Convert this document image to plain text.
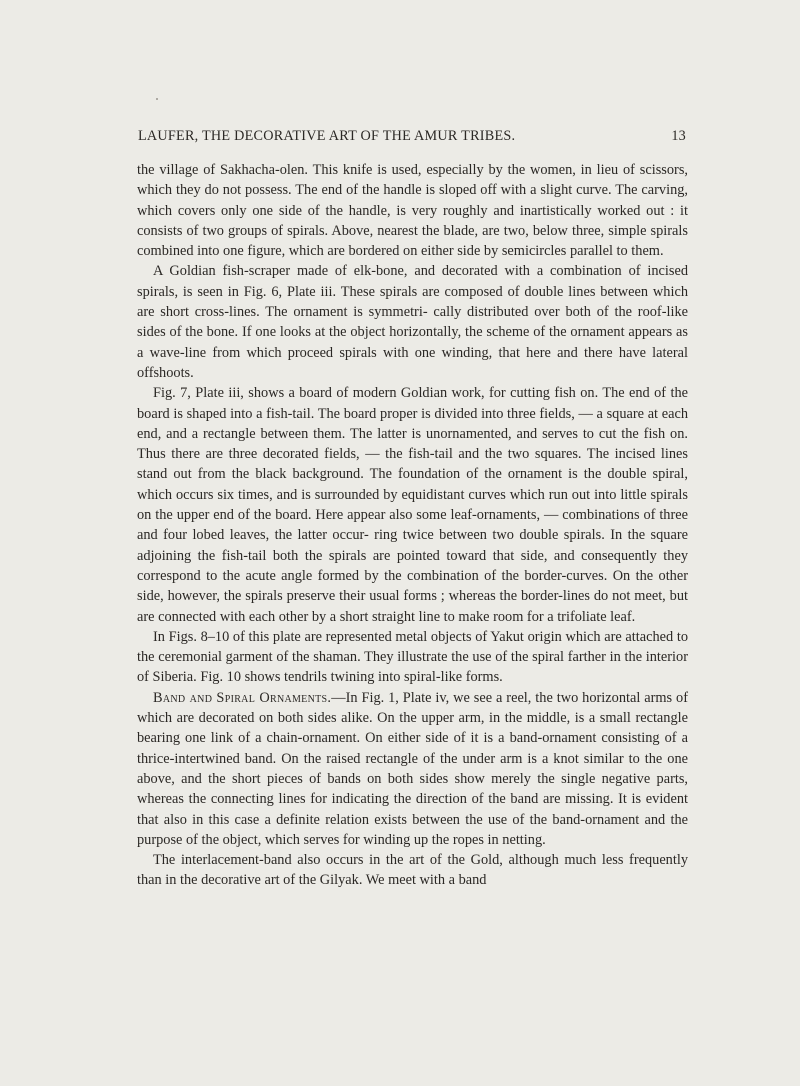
LAUFER, THE DECORATIVE ART OF THE AMUR TRIBES.	13

the village of Sakhacha-olen. This knife is used, especially by the women, in lieu of scissors, which they do not possess. The end of the handle is sloped off with a slight curve. The carving, which covers only one side of the handle, is very roughly and inartistically worked out : it consists of two groups of spirals. Above, nearest the blade, are two, below three, simple spirals combined into one figure, which are bordered on either side by semicircles parallel to them.

A Goldian fish-scraper made of elk-bone, and decorated with a combination of incised spirals, is seen in Fig. 6, Plate iii. These spirals are composed of double lines between which are short cross-lines. The ornament is symmetri- cally distributed over both of the roof-like sides of the bone. If one looks at the object horizontally, the scheme of the ornament appears as a wave-line from which proceed spirals with one winding, that here and there have lateral offshoots.

Fig. 7, Plate iii, shows a board of modern Goldian work, for cutting fish on. The end of the board is shaped into a fish-tail. The board proper is divided into three fields, — a square at each end, and a rectangle between them. The latter is unornamented, and serves to cut the fish on. Thus there are three decorated fields, — the fish-tail and the two squares. The incised lines stand out from the black background. The foundation of the ornament is the double spiral, which occurs six times, and is surrounded by equidistant curves which run out into little spirals on the upper end of the board. Here appear also some leaf-ornaments, — combinations of three and four lobed leaves, the latter occur- ring twice between two double spirals. In the square adjoining the fish-tail both the spirals are pointed toward that side, and consequently they correspond to the acute angle formed by the combination of the border-curves. On the other side, however, the spirals preserve their usual forms ; whereas the border-lines do not meet, but are connected with each other by a short straight line to make room for a trifoliate leaf.

In Figs. 8–10 of this plate are represented metal objects of Yakut origin which are attached to the ceremonial garment of the shaman. They illustrate the use of the spiral farther in the interior of Siberia. Fig. 10 shows tendrils twining into spiral-like forms.

Band and Spiral Ornaments.—In Fig. 1, Plate iv, we see a reel, the two horizontal arms of which are decorated on both sides alike. On the upper arm, in the middle, is a small rectangle bearing one link of a chain-ornament. On either side of it is a band-ornament consisting of a thrice-intertwined band. On the raised rectangle of the under arm is a knot similar to the one above, and the short pieces of bands on both sides show merely the single negative parts, whereas the connecting lines for indicating the direction of the band are missing. It is evident that also in this case a definite relation exists between the use of the band-ornament and the purpose of the object, which serves for winding up the ropes in netting.

The interlacement-band also occurs in the art of the Gold, although much less frequently than in the decorative art of the Gilyak. We meet with a band
